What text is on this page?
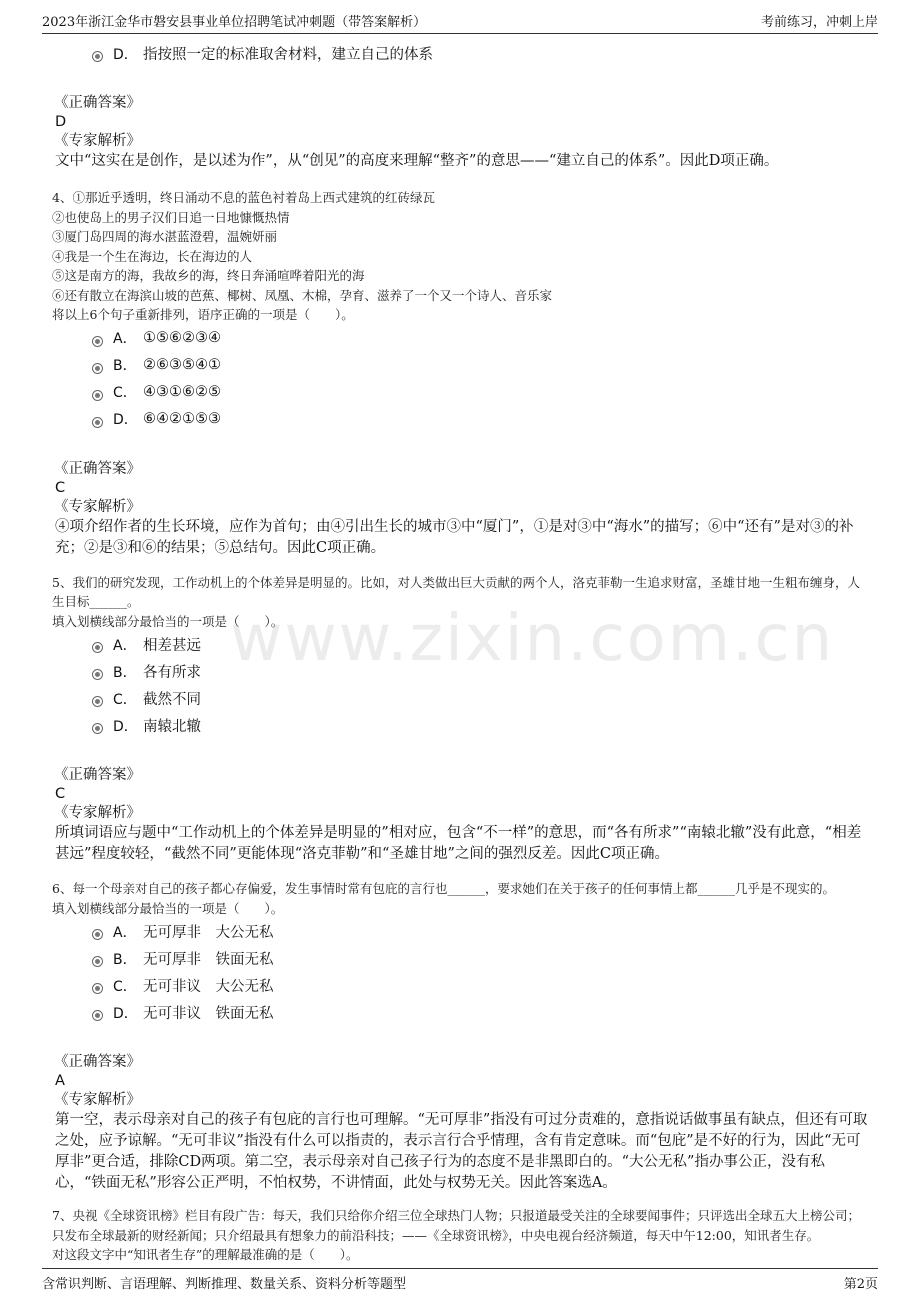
2023年浙江金华市磐安县事业单位招聘笔试冲刺题（带答案解析）	考前练习，冲刺上岸
www.zixin.com.cn
D． 指按照一定的标准取舍材料，建立自己的体系
《正确答案》
D
《专家解析》
文中“这实在是创作，是以述为作”，从“创见”的高度来理解“整齐”的意思——“建立自己的体系”。因此D项正确。
4、①那近乎透明，终日涌动不息的蓝色衬着岛上西式建筑的红砖绿瓦
②也使岛上的男子汉们日追一日地慷慨热情
③厦门岛四周的海水湛蓝澄碧，温婉妍丽
④我是一个生在海边，长在海边的人
⑤这是南方的海，我故乡的海，终日奔涌喧哗着阳光的海
⑥还有散立在海滨山坡的芭蕉、椰树、凤凰、木棉，孕育、滋养了一个又一个诗人、音乐家
将以上6个句子重新排列，语序正确的一项是（　　）。
A． ①⑤⑥②③④
B． ②⑥③⑤④①
C． ④③①⑥②⑤
D． ⑥④②①⑤③
《正确答案》
C
《专家解析》
④项介绍作者的生长环境，应作为首句；由④引出生长的城市③中“厦门”，①是对③中“海水”的描写；⑥中“还有”是对③的补充；②是③和⑥的结果；⑤总结句。因此C项正确。
5、我们的研究发现，工作动机上的个体差异是明显的。比如，对人类做出巨大贡献的两个人，洛克菲勒一生追求财富，圣雄甘地一生粗布缠身，人生目标______。
填入划横线部分最恰当的一项是（　　）。
A． 相差甚远
B． 各有所求
C． 截然不同
D． 南辕北辙
《正确答案》
C
《专家解析》
所填词语应与题中“工作动机上的个体差异是明显的”相对应，包含“不一样”的意思，而“各有所求”“南辕北辙”没有此意，“相差甚远”程度较轻，“截然不同”更能体现“洛克菲勒”和“圣雄甘地”之间的强烈反差。因此C项正确。
6、每一个母亲对自己的孩子都心存偏爱，发生事情时常有包庇的言行也______，要求她们在关于孩子的任何事情上都______几乎是不现实的。
填入划横线部分最恰当的一项是（　　）。
A． 无可厚非　大公无私
B． 无可厚非　铁面无私
C． 无可非议　大公无私
D． 无可非议　铁面无私
《正确答案》
A
《专家解析》
第一空，表示母亲对自己的孩子有包庇的言行也可理解。“无可厚非”指没有可过分责难的，意指说话做事虽有缺点，但还有可取之处，应予谅解。“无可非议”指没有什么可以指责的，表示言行合乎情理，含有肯定意味。而“包庇”是不好的行为，因此“无可厚非”更合适，排除CD两项。第二空，表示母亲对自己孩子行为的态度不是非黑即白的。“大公无私”指办事公正，没有私心，“铁面无私”形容公正严明，不怕权势，不讲情面，此处与权势无关。因此答案选A。
7、央视《全球资讯榜》栏目有段广告：每天，我们只给你介绍三位全球热门人物；只报道最受关注的全球要闻事件；只评选出全球五大上榜公司；只发布全球最新的财经新闻；只介绍最具有想象力的前沿科技；——《全球资讯榜》，中央电视台经济频道，每天中午12:00，知讯者生存。
对这段文字中“知讯者生存”的理解最准确的是（　　）。
含常识判断、言语理解、判断推理、数量关系、资料分析等题型	第2页
